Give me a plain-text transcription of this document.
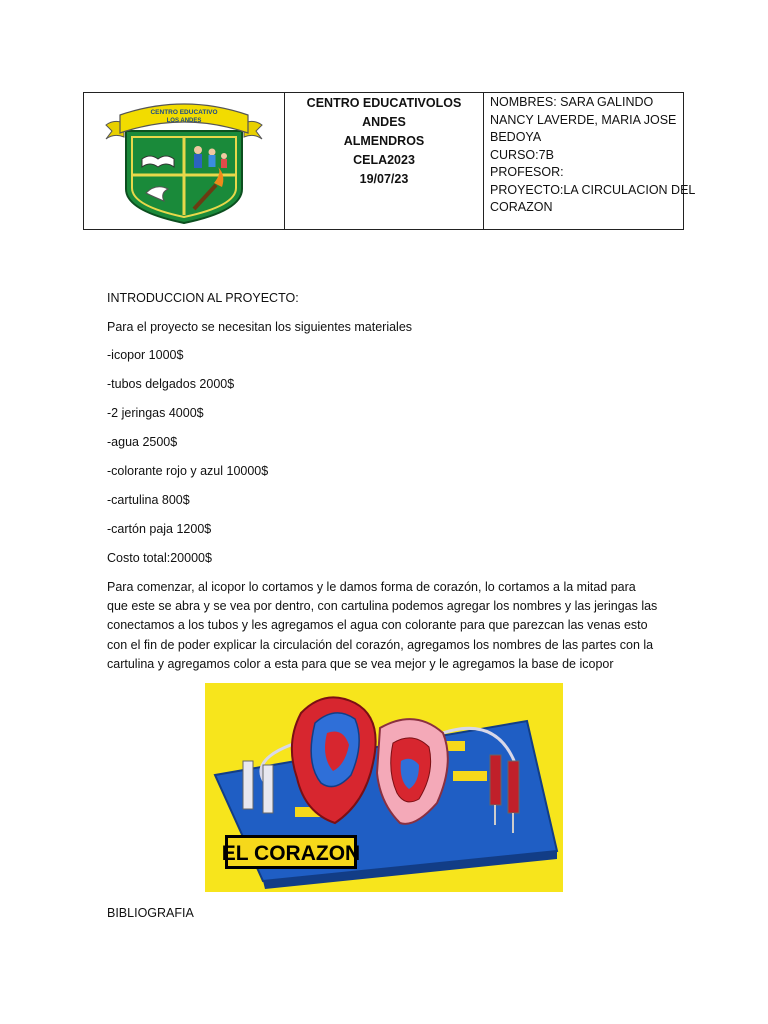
CENTRO EDUCATIVO
LOS ANDES

CENTRO EDUCATIVOLOS
ANDES
ALMENDROS
CELA2023
19/07/23

NOMBRES: SARA GALINDO
NANCY LAVERDE, MARIA JOSE
BEDOYA
CURSO:7B
PROFESOR:
PROYECTO:LA CIRCULACION DEL
CORAZON
INTRODUCCION AL PROYECTO:
Para el proyecto se necesitan los siguientes materiales
-icopor 1000$
-tubos delgados 2000$
-2 jeringas 4000$
-agua 2500$
-colorante rojo y azul 10000$
-cartulina 800$
-cartón paja 1200$
Costo total:20000$
Para comenzar, al icopor lo cortamos y le damos forma de corazón, lo cortamos a la mitad para
que este se abra y se vea por dentro, con cartulina podemos agregar los nombres y las jeringas las
conectamos a los tubos y les agregamos el agua con colorante para que parezcan las venas esto
con el fin de poder explicar la circulación del corazón, agregamos los nombres de las partes con la
cartulina y agregamos color a esta para que se vea mejor y le agregamos la base de icopor
EL CORAZON
BIBLIOGRAFIA
